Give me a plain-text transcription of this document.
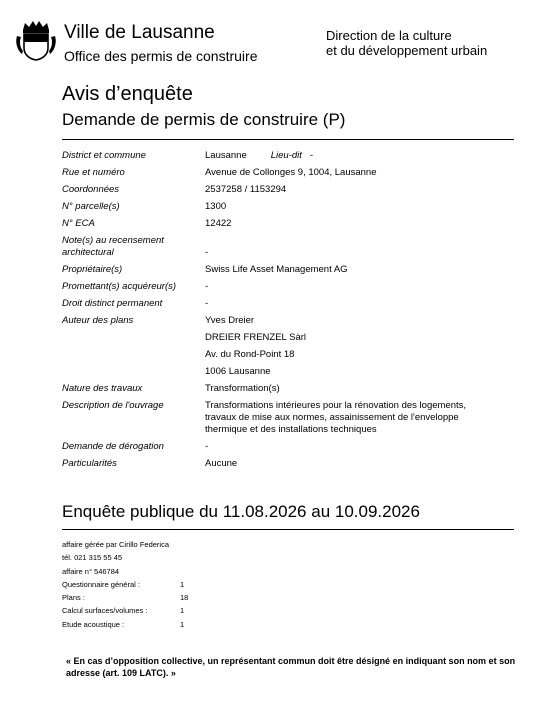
Ville de Lausanne
Office des permis de construire
Direction de la culture
et du développement urbain
Avis d’enquête
Demande de permis de construire (P)
District et commune	Lausanne	Lieu-dit -
Rue et numéro	Avenue de Collonges 9, 1004, Lausanne
Coordonnées	2537258 / 1153294
N° parcelle(s)	1300
N° ECA	12422
Note(s) au recensement
architectural	-
Propriétaire(s)	Swiss Life Asset Management AG
Promettant(s) acquéreur(s)	-
Droit distinct permanent	-
Auteur des plans	Yves Dreier
DREIER FRENZEL Sàrl
Av. du Rond-Point 18
1006 Lausanne
Nature des travaux	Transformation(s)
Description de l'ouvrage	Transformations intérieures pour la rénovation des logements,
travaux de mise aux normes, assainissement de l'enveloppe
thermique et des installations techniques
Demande de dérogation	-
Particularités	Aucune
Enquête publique du 11.08.2026 au 10.09.2026
affaire gérée par Cirillo Federica
tél. 021 315 55 45
affaire n° 546784
Questionnaire général :	1
Plans :	18
Calcul surfaces/volumes :	1
Etude acoustique :	1
« En cas d’opposition collective, un représentant commun doit être désigné en indiquant son nom et son adresse (art. 109 LATC). »
